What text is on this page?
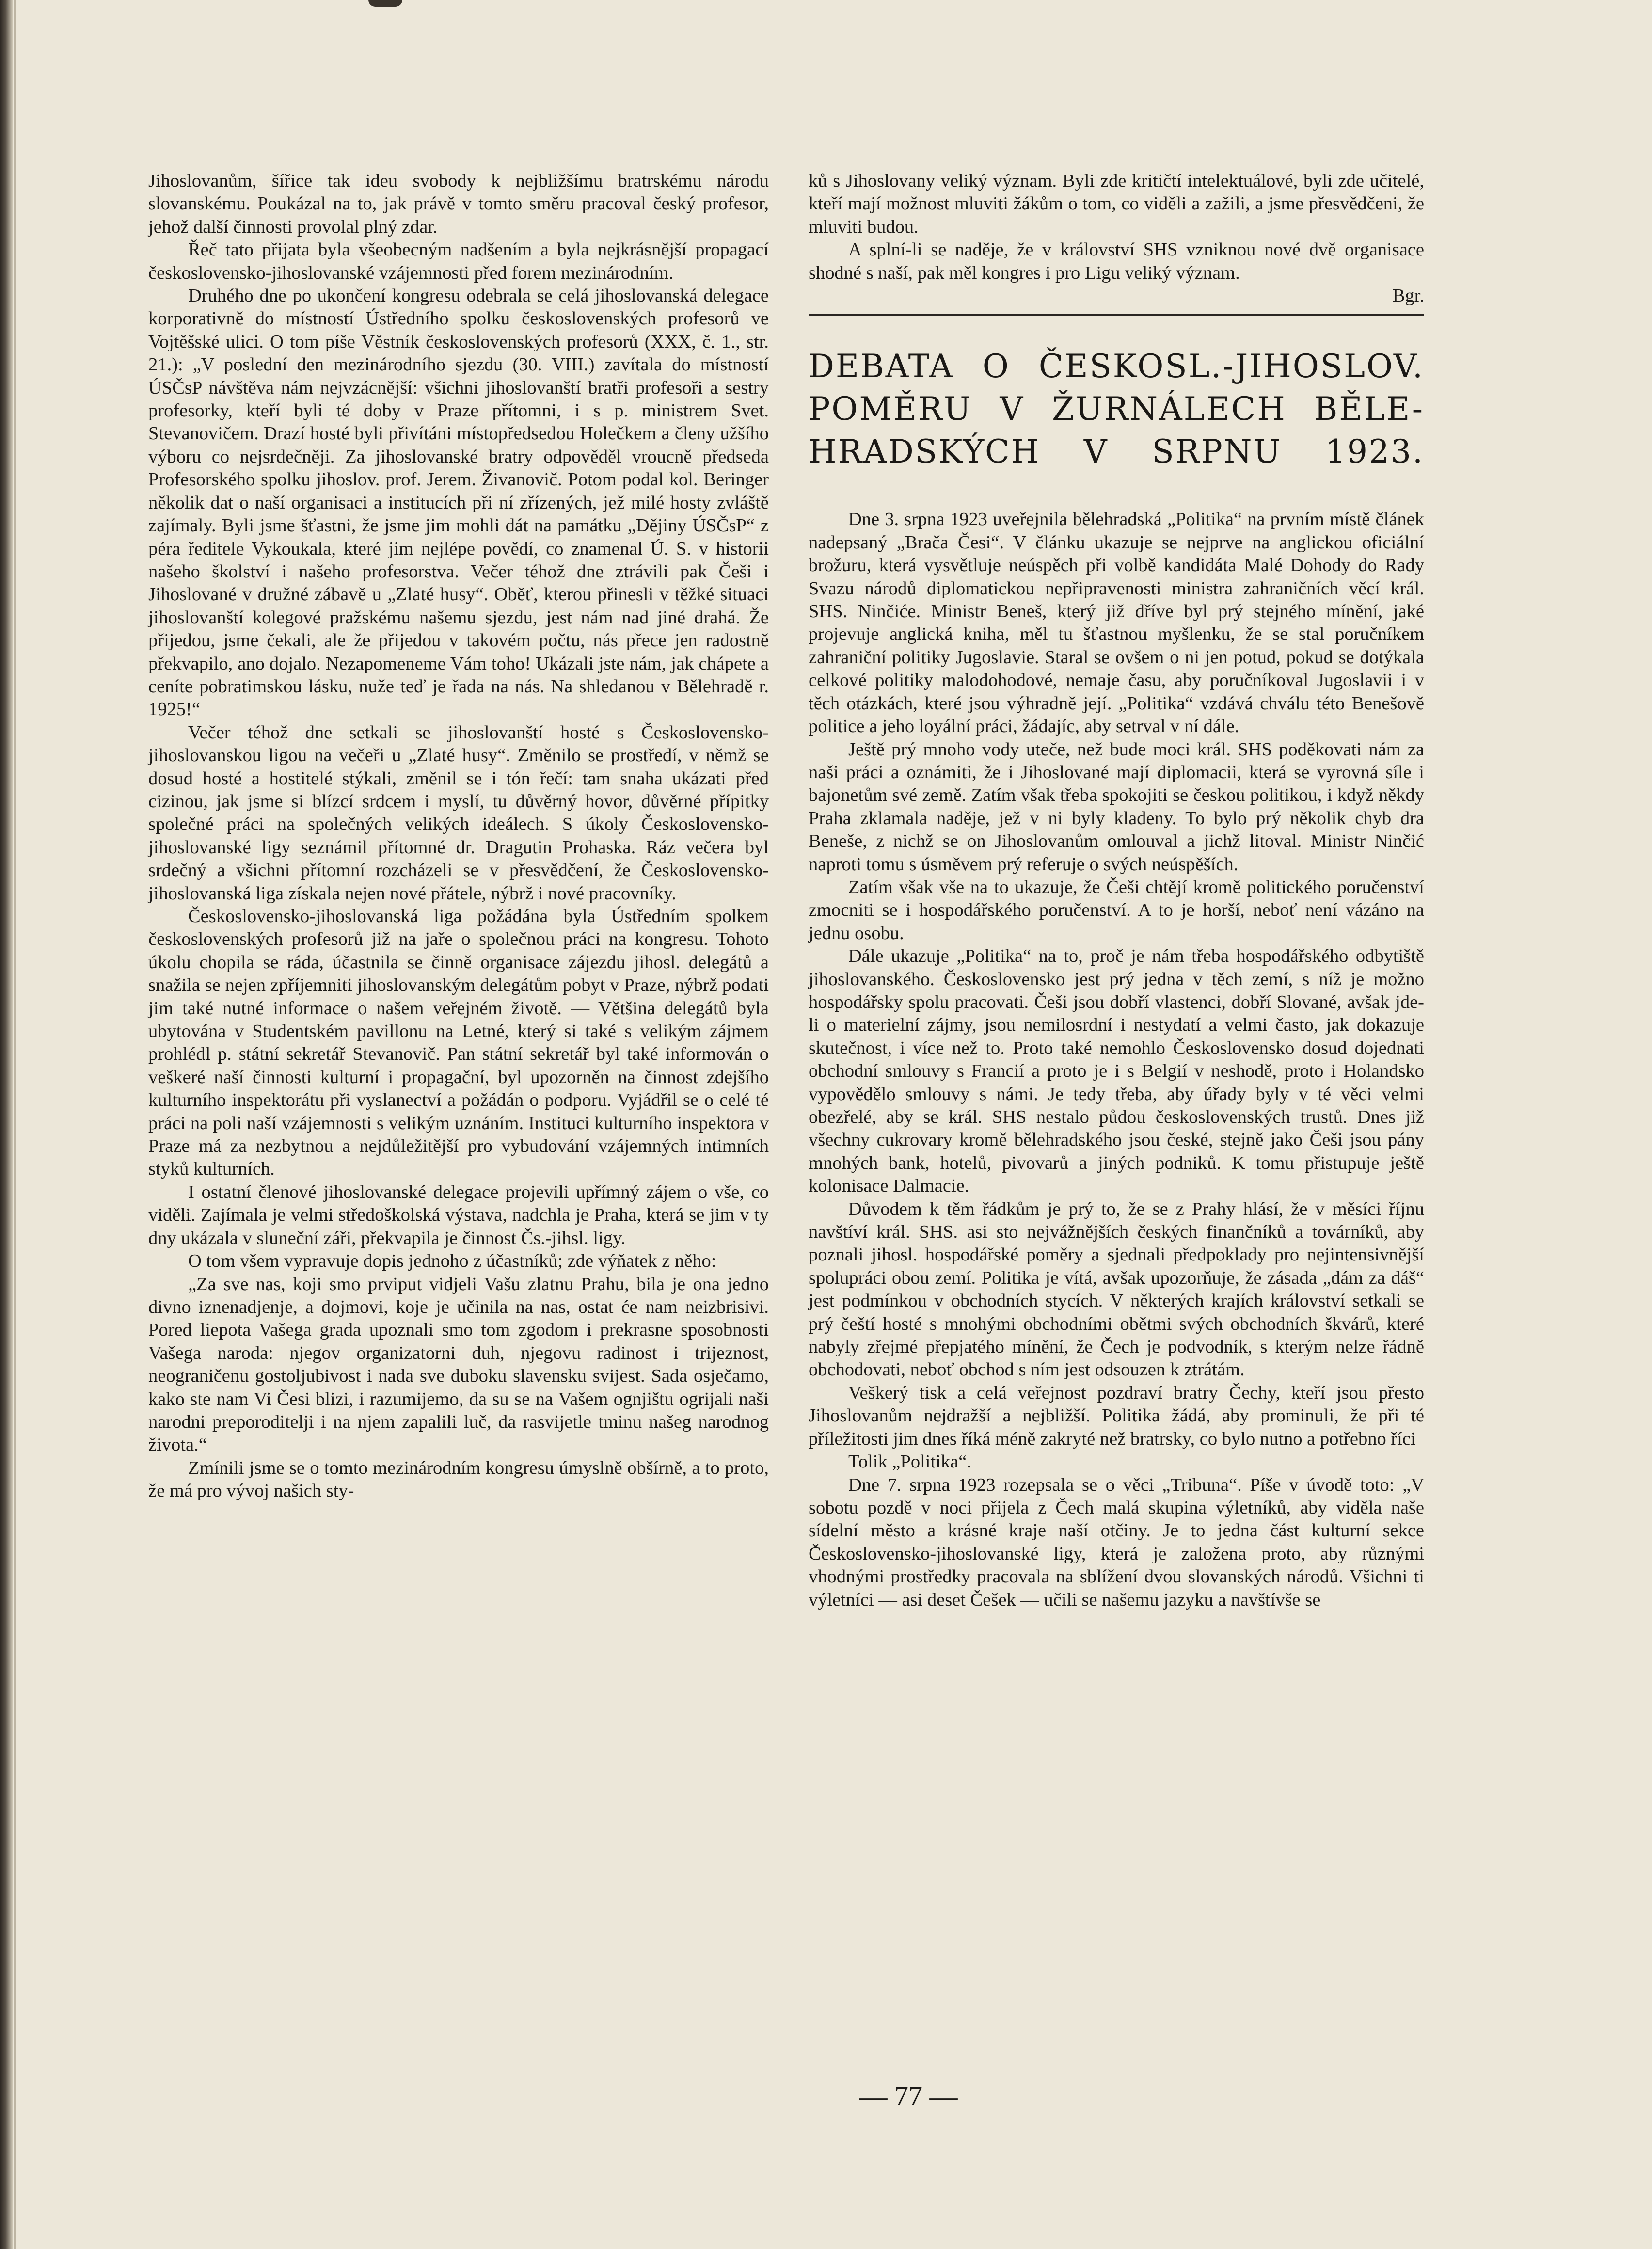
Jihoslovanům, šířice tak ideu svobody k nejbližšímu bratrskému národu slovanskému. Poukázal na to, jak právě v tomto směru pracoval český profesor, jehož další činnosti provolal plný zdar.

Řeč tato přijata byla všeobecným nadšením a byla nejkrásnější propagací československo-jihoslovanské vzájemnosti před forem mezinárodním.

Druhého dne po ukončení kongresu odebrala se celá jihoslovanská delegace korporativně do místností Ústředního spolku československých profesorů ve Vojtěšské ulici. O tom píše Věstník československých profesorů (XXX, č. 1., str. 21.): „V poslední den mezinárodního sjezdu (30. VIII.) zavítala do místností ÚSČsP návštěva nám nejvzácnější: všichni jihoslovanští bratři profesoři a sestry profesorky, kteří byli té doby v Praze přítomni, i s p. ministrem Svet. Stevanovičem. Drazí hosté byli přivítáni místopředsedou Holečkem a členy užšího výboru co nejsrdečněji. Za jihoslovanské bratry odpověděl vroucně předseda Profesorského spolku jihoslov. prof. Jerem. Živanovič. Potom podal kol. Beringer několik dat o naší organisaci a institucích při ní zřízených, jež milé hosty zvláště zajímaly. Byli jsme šťastni, že jsme jim mohli dát na památku „Dějiny ÚSČsP“ z péra ředitele Vykoukala, které jim nejlépe povědí, co znamenal Ú. S. v historii našeho školství i našeho profesorstva. Večer téhož dne ztrávili pak Češi i Jihoslované v družné zábavě u „Zlaté husy“. Oběť, kterou přinesli v těžké situaci jihoslovanští kolegové pražskému našemu sjezdu, jest nám nad jiné drahá. Že přijedou, jsme čekali, ale že přijedou v takovém počtu, nás přece jen radostně překvapilo, ano dojalo. Nezapomeneme Vám toho! Ukázali jste nám, jak chápete a ceníte pobratimskou lásku, nuže teď je řada na nás. Na shledanou v Bělehradě r. 1925!“

Večer téhož dne setkali se jihoslovanští hosté s Československo-jihoslovanskou ligou na večeři u „Zlaté husy“. Změnilo se prostředí, v němž se dosud hosté a hostitelé stýkali, změnil se i tón řečí: tam snaha ukázati před cizinou, jak jsme si blízcí srdcem i myslí, tu důvěrný hovor, důvěrné přípitky společné práci na společných velikých ideálech. S úkoly Československo-jihoslovanské ligy seznámil přítomné dr. Dragutin Prohaska. Ráz večera byl srdečný a všichni přítomní rozcházeli se v přesvědčení, že Československo-jihoslovanská liga získala nejen nové přátele, nýbrž i nové pracovníky.

Československo-jihoslovanská liga požádána byla Ústředním spolkem československých profesorů již na jaře o společnou práci na kongresu. Tohoto úkolu chopila se ráda, účastnila se činně organisace zájezdu jihosl. delegátů a snažila se nejen zpříjemniti jihoslovanským delegátům pobyt v Praze, nýbrž podati jim také nutné informace o našem veřejném životě. — Většina delegátů byla ubytována v Studentském pavillonu na Letné, který si také s velikým zájmem prohlédl p. státní sekretář Stevanovič. Pan státní sekretář byl také informován o veškeré naší činnosti kulturní i propagační, byl upozorněn na činnost zdejšího kulturního inspektorátu při vyslanectví a požádán o podporu. Vyjádřil se o celé té práci na poli naší vzájemnosti s velikým uznáním. Instituci kulturního inspektora v Praze má za nezbytnou a nejdůležitější pro vybudování vzájemných intimních styků kulturních.

I ostatní členové jihoslovanské delegace projevili upřímný zájem o vše, co viděli. Zajímala je velmi středoškolská výstava, nadchla je Praha, která se jim v ty dny ukázala v sluneční záři, překvapila je činnost Čs.-jihsl. ligy.

O tom všem vypravuje dopis jednoho z účastníků; zde výňatek z něho:

„Za sve nas, koji smo prviput vidjeli Vašu zlatnu Prahu, bila je ona jedno divno iznenadjenje, a dojmovi, koje je učinila na nas, ostat će nam neizbrisivi. Pored liepota Vašega grada upoznali smo tom zgodom i prekrasne sposobnosti Vašega naroda: njegov organizatorni duh, njegovu radinost i trijeznost, neograničenu gostoljubivost i nada sve duboku slavensku svijest. Sada osječamo, kako ste nam Vi Česi blizi, i razumijemo, da su se na Vašem ognjištu ogrijali naši narodni preporoditelji i na njem zapalili luč, da rasvijetle tminu našeg narodnog života.“

Zmínili jsme se o tomto mezinárodním kongresu úmyslně obšírně, a to proto, že má pro vývoj našich sty-

ků s Jihoslovany veliký význam. Byli zde kritičtí intelektuálové, byli zde učitelé, kteří mají možnost mluviti žákům o tom, co viděli a zažili, a jsme přesvědčeni, že mluviti budou.

A splní-li se naděje, že v království SHS vzniknou nové dvě organisace shodné s naší, pak měl kongres i pro Ligu veliký význam.

Bgr.

DEBATA O ČESKOSL.-JIHOSLOV.
POMĚRU V ŽURNÁLECH BĚLE-
HRADSKÝCH V SRPNU 1923.

Dne 3. srpna 1923 uveřejnila bělehradská „Politika“ na prvním místě článek nadepsaný „Brača Česi“. V článku ukazuje se nejprve na anglickou oficiální brožuru, která vysvětluje neúspěch při volbě kandidáta Malé Dohody do Rady Svazu národů diplomatickou nepřipravenosti ministra zahraničních věcí král. SHS. Ninčiće. Ministr Beneš, který již dříve byl prý stejného mínění, jaké projevuje anglická kniha, měl tu šťastnou myšlenku, že se stal poručníkem zahraniční politiky Jugoslavie. Staral se ovšem o ni jen potud, pokud se dotýkala celkové politiky malodohodové, nemaje času, aby poručníkoval Jugoslavii i v těch otázkách, které jsou výhradně její. „Politika“ vzdává chválu této Benešově politice a jeho loyální práci, žádajíc, aby setrval v ní dále.

Ještě prý mnoho vody uteče, než bude moci král. SHS poděkovati nám za naši práci a oznámiti, že i Jihoslované mají diplomacii, která se vyrovná síle i bajonetům své země. Zatím však třeba spokojiti se českou politikou, i když někdy Praha zklamala naděje, jež v ni byly kladeny. To bylo prý několik chyb dra Beneše, z nichž se on Jihoslovanům omlouval a jichž litoval. Ministr Ninčić naproti tomu s úsměvem prý referuje o svých neúspěších.

Zatím však vše na to ukazuje, že Češi chtějí kromě politického poručenství zmocniti se i hospodářského poručenství. A to je horší, neboť není vázáno na jednu osobu.

Dále ukazuje „Politika“ na to, proč je nám třeba hospodářského odbytiště jihoslovanského. Československo jest prý jedna v těch zemí, s níž je možno hospodářsky spolu pracovati. Češi jsou dobří vlastenci, dobří Slované, avšak jde-li o materielní zájmy, jsou nemilosrdní i nestydatí a velmi často, jak dokazuje skutečnost, i více než to. Proto také nemohlo Československo dosud dojednati obchodní smlouvy s Francií a proto je i s Belgií v neshodě, proto i Holandsko vypovědělo smlouvy s námi. Je tedy třeba, aby úřady byly v té věci velmi obezřelé, aby se král. SHS nestalo půdou československých trustů. Dnes již všechny cukrovary kromě bělehradského jsou české, stejně jako Češi jsou pány mnohých bank, hotelů, pivovarů a jiných podniků. K tomu přistupuje ještě kolonisace Dalmacie.

Důvodem k těm řádkům je prý to, že se z Prahy hlásí, že v měsíci říjnu navštíví král. SHS. asi sto nejvážnějších českých finančníků a továrníků, aby poznali jihosl. hospodářské poměry a sjednali předpoklady pro nejintensivnější spolupráci obou zemí. Politika je vítá, avšak upozorňuje, že zásada „dám za dáš“ jest podmínkou v obchodních stycích. V některých krajích království setkali se prý čeští hosté s mnohými obchodními obětmi svých obchodních škvárů, které nabyly zřejmé přepjatého mínění, že Čech je podvodník, s kterým nelze řádně obchodovati, neboť obchod s ním jest odsouzen k ztrátám.

Veškerý tisk a celá veřejnost pozdraví bratry Čechy, kteří jsou přesto Jihoslovanům nejdražší a nejbližší. Politika žádá, aby prominuli, že při té příležitosti jim dnes říká méně zakryté než bratrsky, co bylo nutno a potřebno říci

Tolik „Politika“.

Dne 7. srpna 1923 rozepsala se o věci „Tribuna“. Píše v úvodě toto: „V sobotu pozdě v noci přijela z Čech malá skupina výletníků, aby viděla naše sídelní město a krásné kraje naší otčiny. Je to jedna část kulturní sekce Československo-jihoslovanské ligy, která je založena proto, aby různými vhodnými prostředky pracovala na sblížení dvou slovanských národů. Všichni ti výletníci — asi deset Češek — učili se našemu jazyku a navštívše se

— 77 —
